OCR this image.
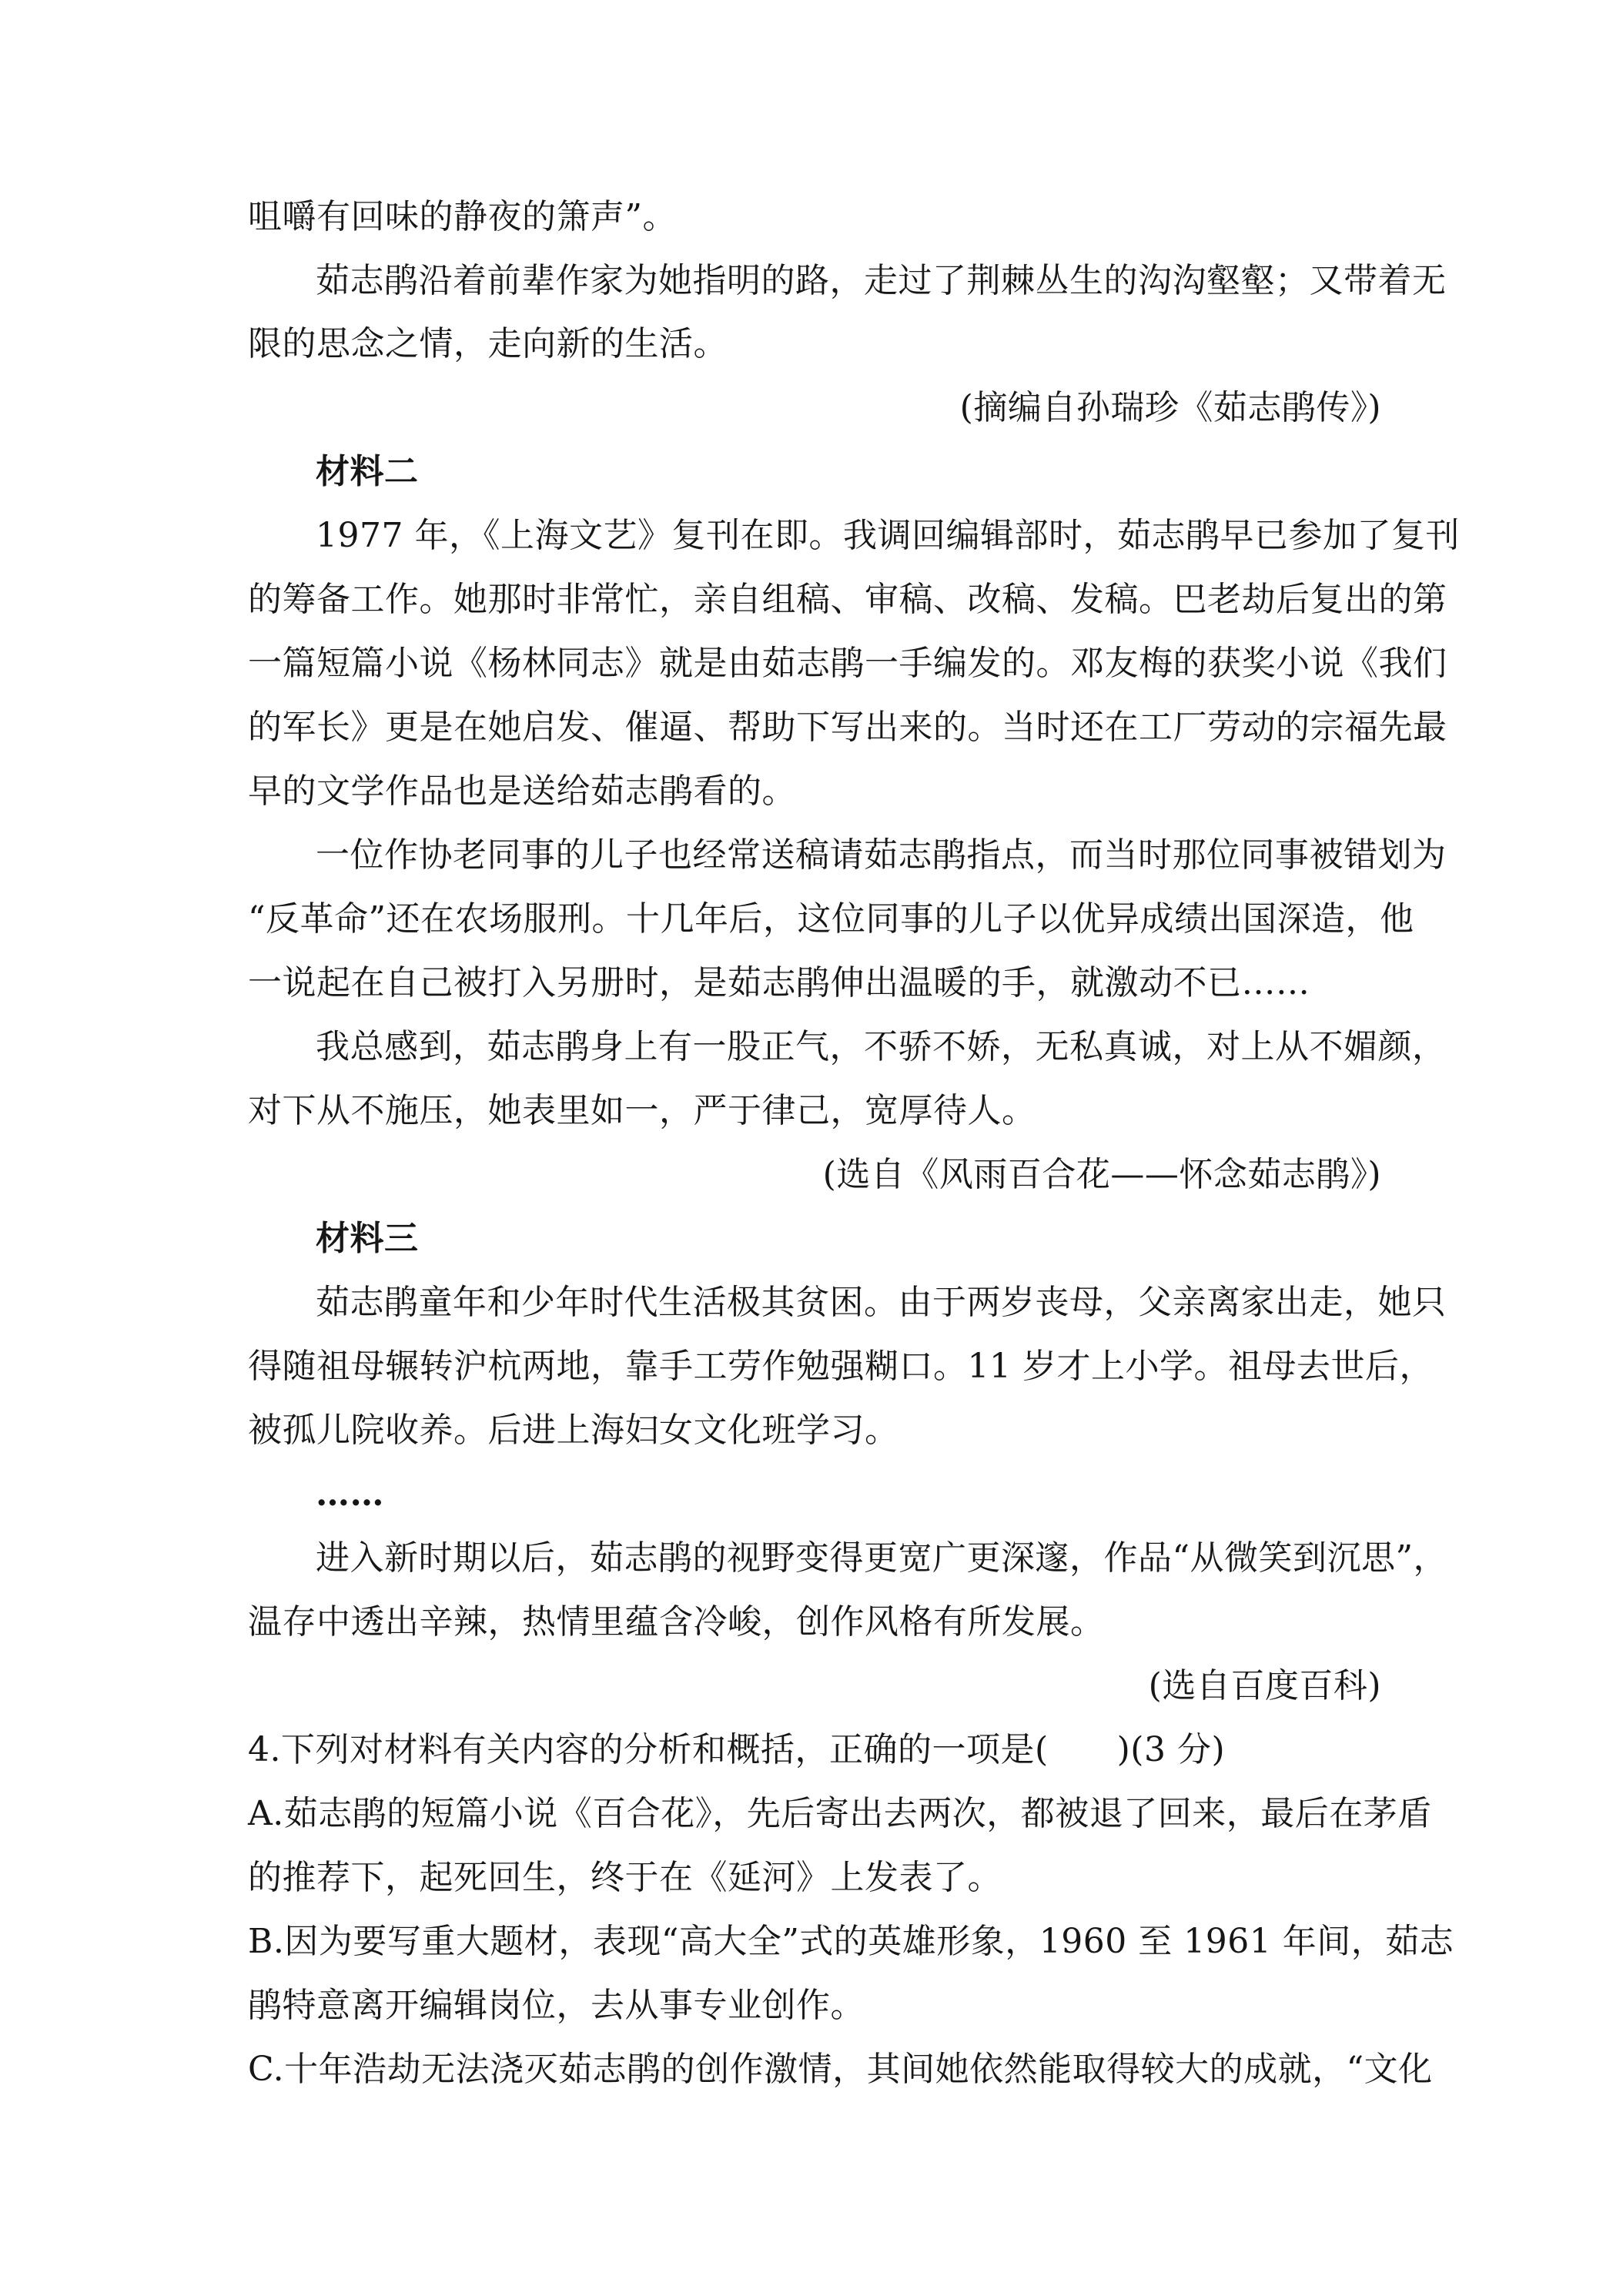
咀嚼有回味的静夜的箫声”。
茹志鹃沿着前辈作家为她指明的路，走过了荆棘丛生的沟沟壑壑；又带着无
限的思念之情，走向新的生活。
(摘编自孙瑞珍《茹志鹃传》)
材料二
1977 年，《上海文艺》复刊在即。我调回编辑部时，茹志鹃早已参加了复刊
的筹备工作。她那时非常忙，亲自组稿、审稿、改稿、发稿。巴老劫后复出的第
一篇短篇小说《杨林同志》就是由茹志鹃一手编发的。邓友梅的获奖小说《我们
的军长》更是在她启发、催逼、帮助下写出来的。当时还在工厂劳动的宗福先最
早的文学作品也是送给茹志鹃看的。
一位作协老同事的儿子也经常送稿请茹志鹃指点，而当时那位同事被错划为
“反革命”还在农场服刑。十几年后，这位同事的儿子以优异成绩出国深造，他
一说起在自己被打入另册时，是茹志鹃伸出温暖的手，就激动不已……
我总感到，茹志鹃身上有一股正气，不骄不娇，无私真诚，对上从不媚颜，
对下从不施压，她表里如一，严于律己，宽厚待人。
(选自《风雨百合花——怀念茹志鹃》)
材料三
茹志鹃童年和少年时代生活极其贫困。由于两岁丧母，父亲离家出走，她只
得随祖母辗转沪杭两地，靠手工劳作勉强糊口。11 岁才上小学。祖母去世后，
被孤儿院收养。后进上海妇女文化班学习。
……
进入新时期以后，茹志鹃的视野变得更宽广更深邃，作品“从微笑到沉思”，
温存中透出辛辣，热情里蕴含冷峻，创作风格有所发展。
(选自百度百科)
4.下列对材料有关内容的分析和概括，正确的一项是(　　)(3 分)
A.茹志鹃的短篇小说《百合花》，先后寄出去两次，都被退了回来，最后在茅盾
的推荐下，起死回生，终于在《延河》上发表了。
B.因为要写重大题材，表现“高大全”式的英雄形象，1960 至 1961 年间，茹志
鹃特意离开编辑岗位，去从事专业创作。
C.十年浩劫无法浇灭茹志鹃的创作激情，其间她依然能取得较大的成就，“文化
